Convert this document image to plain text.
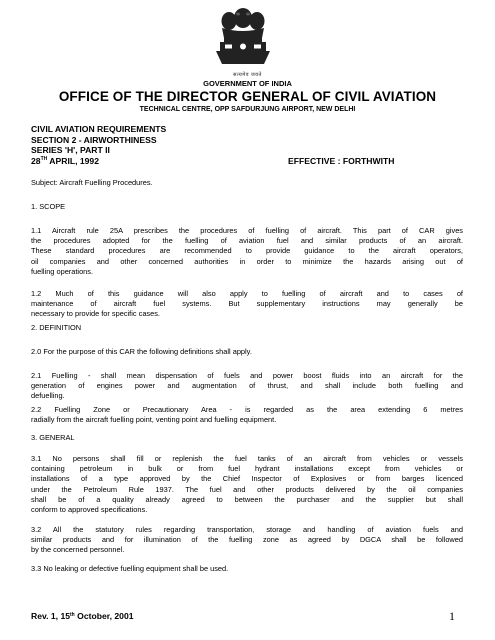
सत्यमेव जयते
GOVERNMENT OF INDIA
OFFICE OF THE DIRECTOR GENERAL OF CIVIL AVIATION
TECHNICAL CENTRE, OPP SAFDURJUNG AIRPORT, NEW DELHI
CIVIL AVIATION REQUIREMENTS
SECTION 2 - AIRWORTHINESS
SERIES 'H', PART II
28TH APRIL, 1992	EFFECTIVE : FORTHWITH
Subject: Aircraft Fuelling Procedures.
1. SCOPE
1.1 Aircraft rule 25A prescribes the procedures of fuelling of aircraft. This part of CAR gives
the procedures adopted for the fuelling of aviation fuel and similar products of an aircraft.
These standard procedures are recommended to provide guidance to the aircraft operators,
oil companies and other concerned authorities in order to minimize the hazards arising out of
fuelling operations.
1.2 Much of this guidance will also apply to fuelling of aircraft and to cases of
maintenance of aircraft fuel systems. But supplementary instructions may generally be
necessary to provide for specific cases.
2. DEFINITION
2.0 For the purpose of this CAR the following definitions shall apply.
2.1 Fuelling - shall mean dispensation of fuels and power boost fluids into an aircraft for the
generation of engines power and augmentation of thrust, and shall include both fuelling and
defuelling.
2.2 Fuelling Zone or Precautionary Area - is regarded as the area extending 6 metres
radially from the aircraft fuelling point, venting point and fuelling equipment.
3. GENERAL
3.1 No persons shall fill or replenish the fuel tanks of an aircraft from vehicles or vessels
containing petroleum in bulk or from fuel hydrant installations except from vehicles or
installations of a type approved by the Chief Inspector of Explosives or from barges licenced
under the Petroleum Rule 1937. The fuel and other products delivered by the oil companies
shall be of a quality already agreed to between the purchaser and the supplier but shall
conform to approved specifications.
3.2 All the statutory rules regarding transportation, storage and handling of aviation fuels and
similar products and for illumination of the fuelling zone as agreed by DGCA shall be followed
by the concerned personnel.
3.3 No leaking or defective fuelling equipment shall be used.
Rev. 1, 15th October, 2001	1
